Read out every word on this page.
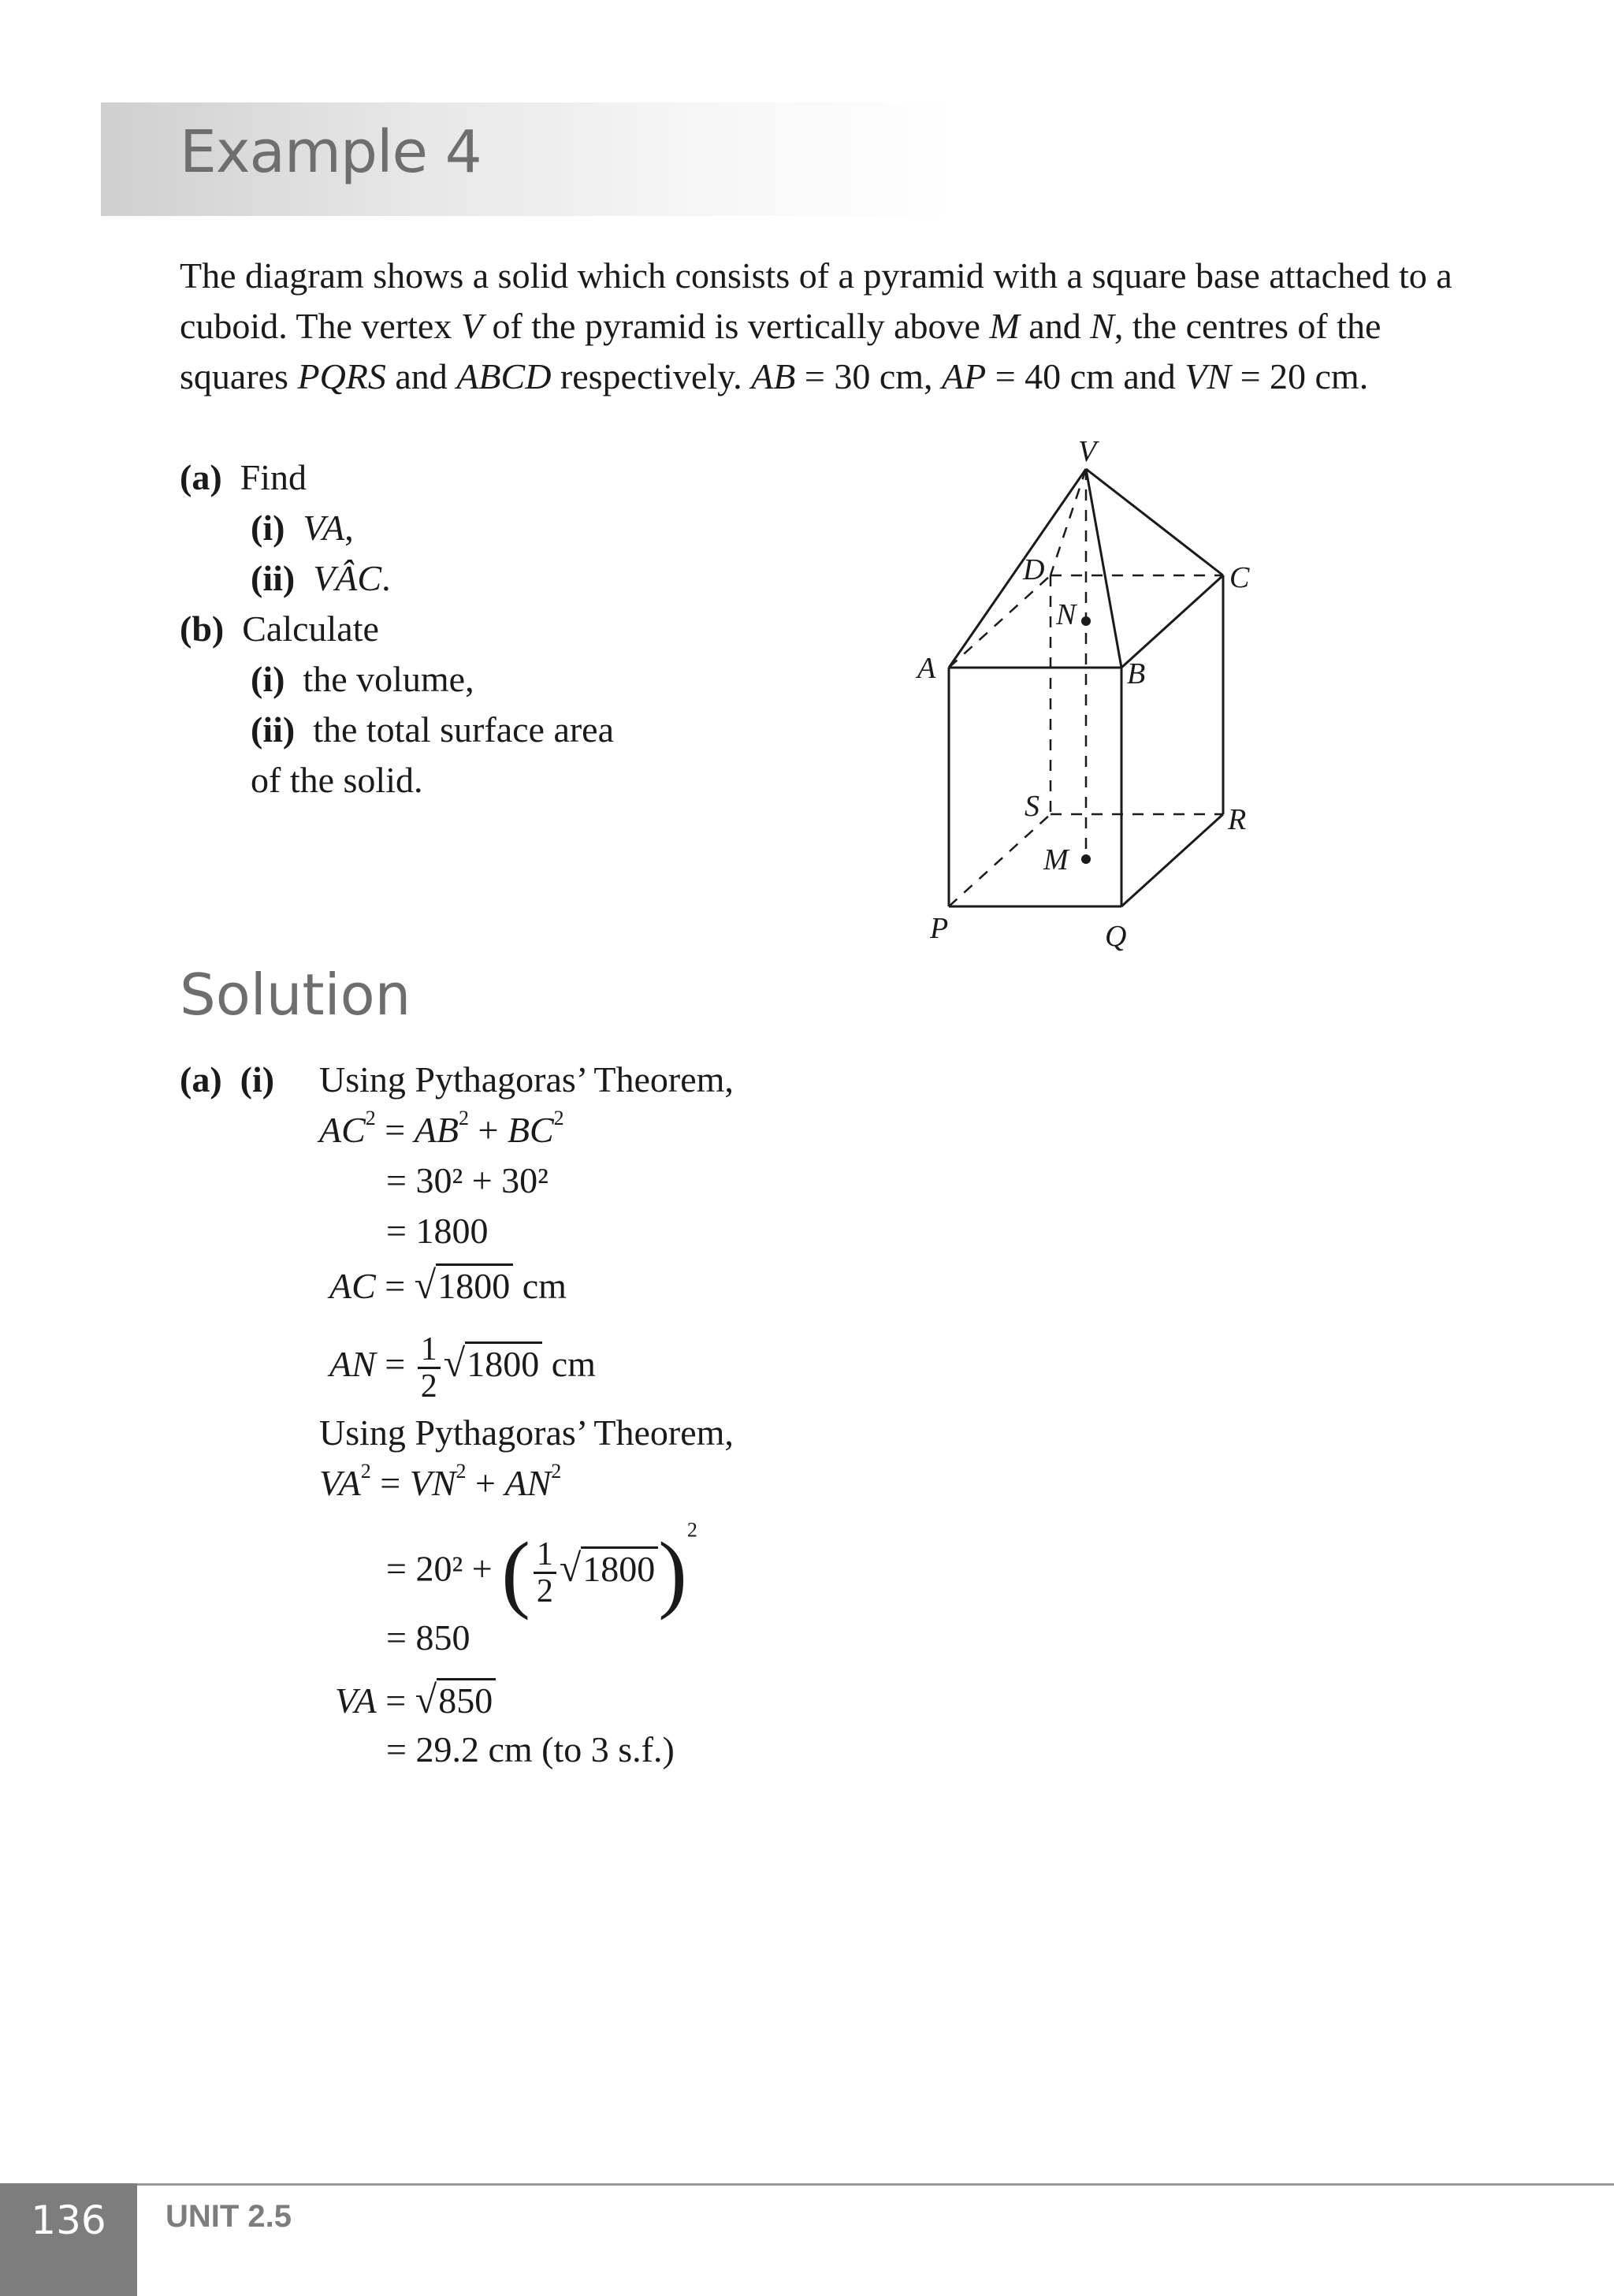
Example 4

The diagram shows a solid which consists of a pyramid with a square base attached to a cuboid. The vertex V of the pyramid is vertically above M and N, the centres of the squares PQRS and ABCD respectively. AB = 30 cm, AP = 40 cm and VN = 20 cm.

(a) Find
(i) VA,
(ii) VÂC.
(b) Calculate
(i) the volume,
(ii) the total surface area
of the solid.
V
D	C
N
A	B
S	R
M
P	Q
Solution
(a) (i) Using Pythagoras’ Theorem,
$AC^2 = AB^2 + BC^2$
= 30² + 30²
= 1800
AC = √1800 cm
AN = $\frac{1}{2} √1800$ cm
Using Pythagoras’ Theorem,
$VA^2 = VN^2 + AN^2$
= 20² + ( $\frac{1}{2} √1800)^2$
= 850
VA = √850
= 29.2 cm (to 3 s.f.)
136	UNIT 2.5
